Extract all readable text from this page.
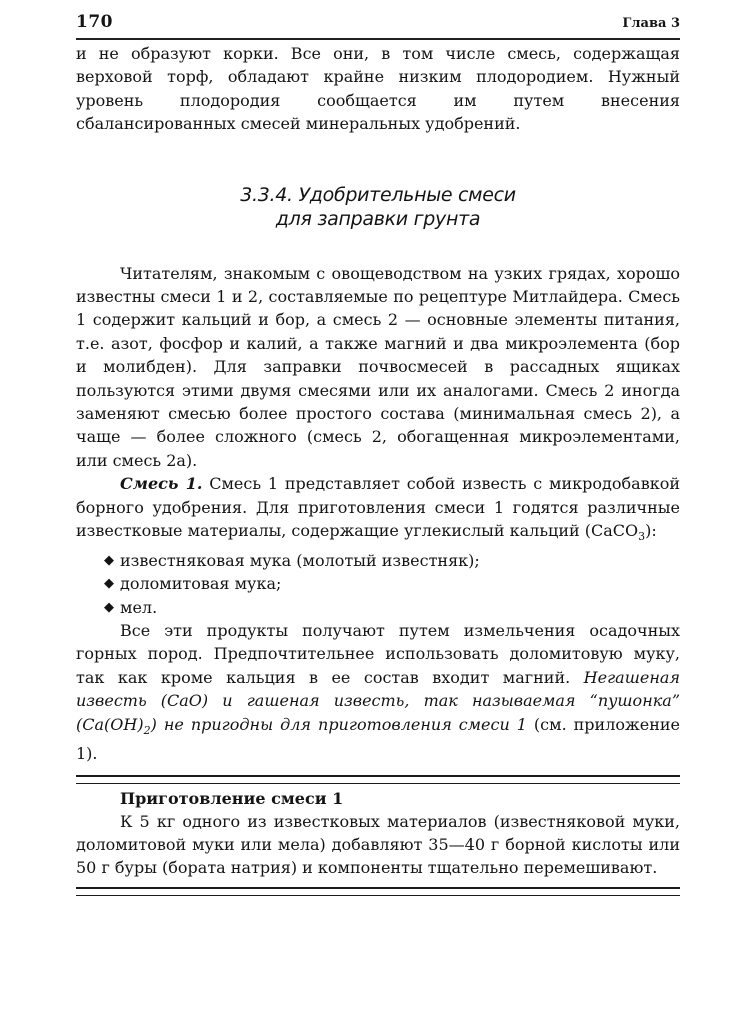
170	Глава 3

и не образуют корки. Все они, в том числе смесь, содержащая верховой торф, обладают крайне низким плодородием. Нужный уровень плодородия сообщается им путем внесения сбалансированных смесей минеральных удобрений.

3.3.4. Удобрительные смеси
для заправки грунта

Читателям, знакомым с овощеводством на узких грядах, хорошо известны смеси 1 и 2, составляемые по рецептуре Митлайдера. Смесь 1 содержит кальций и бор, а смесь 2 — основные элементы питания, т.е. азот, фосфор и калий, а также магний и два микроэлемента (бор и молибден). Для заправки почвосмесей в рассадных ящиках пользуются этими двумя смесями или их аналогами. Смесь 2 иногда заменяют смесью более простого состава (минимальная смесь 2), а чаще — более сложного (смесь 2, обогащенная микроэлементами, или смесь 2а).

Смесь 1. Смесь 1 представляет собой известь с микродобавкой борного удобрения. Для приготовления смеси 1 годятся различные известковые материалы, содержащие углекислый кальций (CaCO$_3$):

◆ известняковая мука (молотый известняк);
◆ доломитовая мука;
◆ мел.

Все эти продукты получают путем измельчения осадочных горных пород. Предпочтительнее использовать доломитовую муку, так как кроме кальция в ее состав входит магний. Негашеная известь (CaO) и гашеная известь, так называемая “пушонка” $(Ca(OH)_2)$ не пригодны для приготовления смеси 1 (см. приложение 1).

Приготовление смеси 1

К 5 кг одного из известковых материалов (известняковой муки, доломитовой муки или мела) добавляют 35—40 г борной кислоты или 50 г буры (бората натрия) и компоненты тщательно перемешивают.
